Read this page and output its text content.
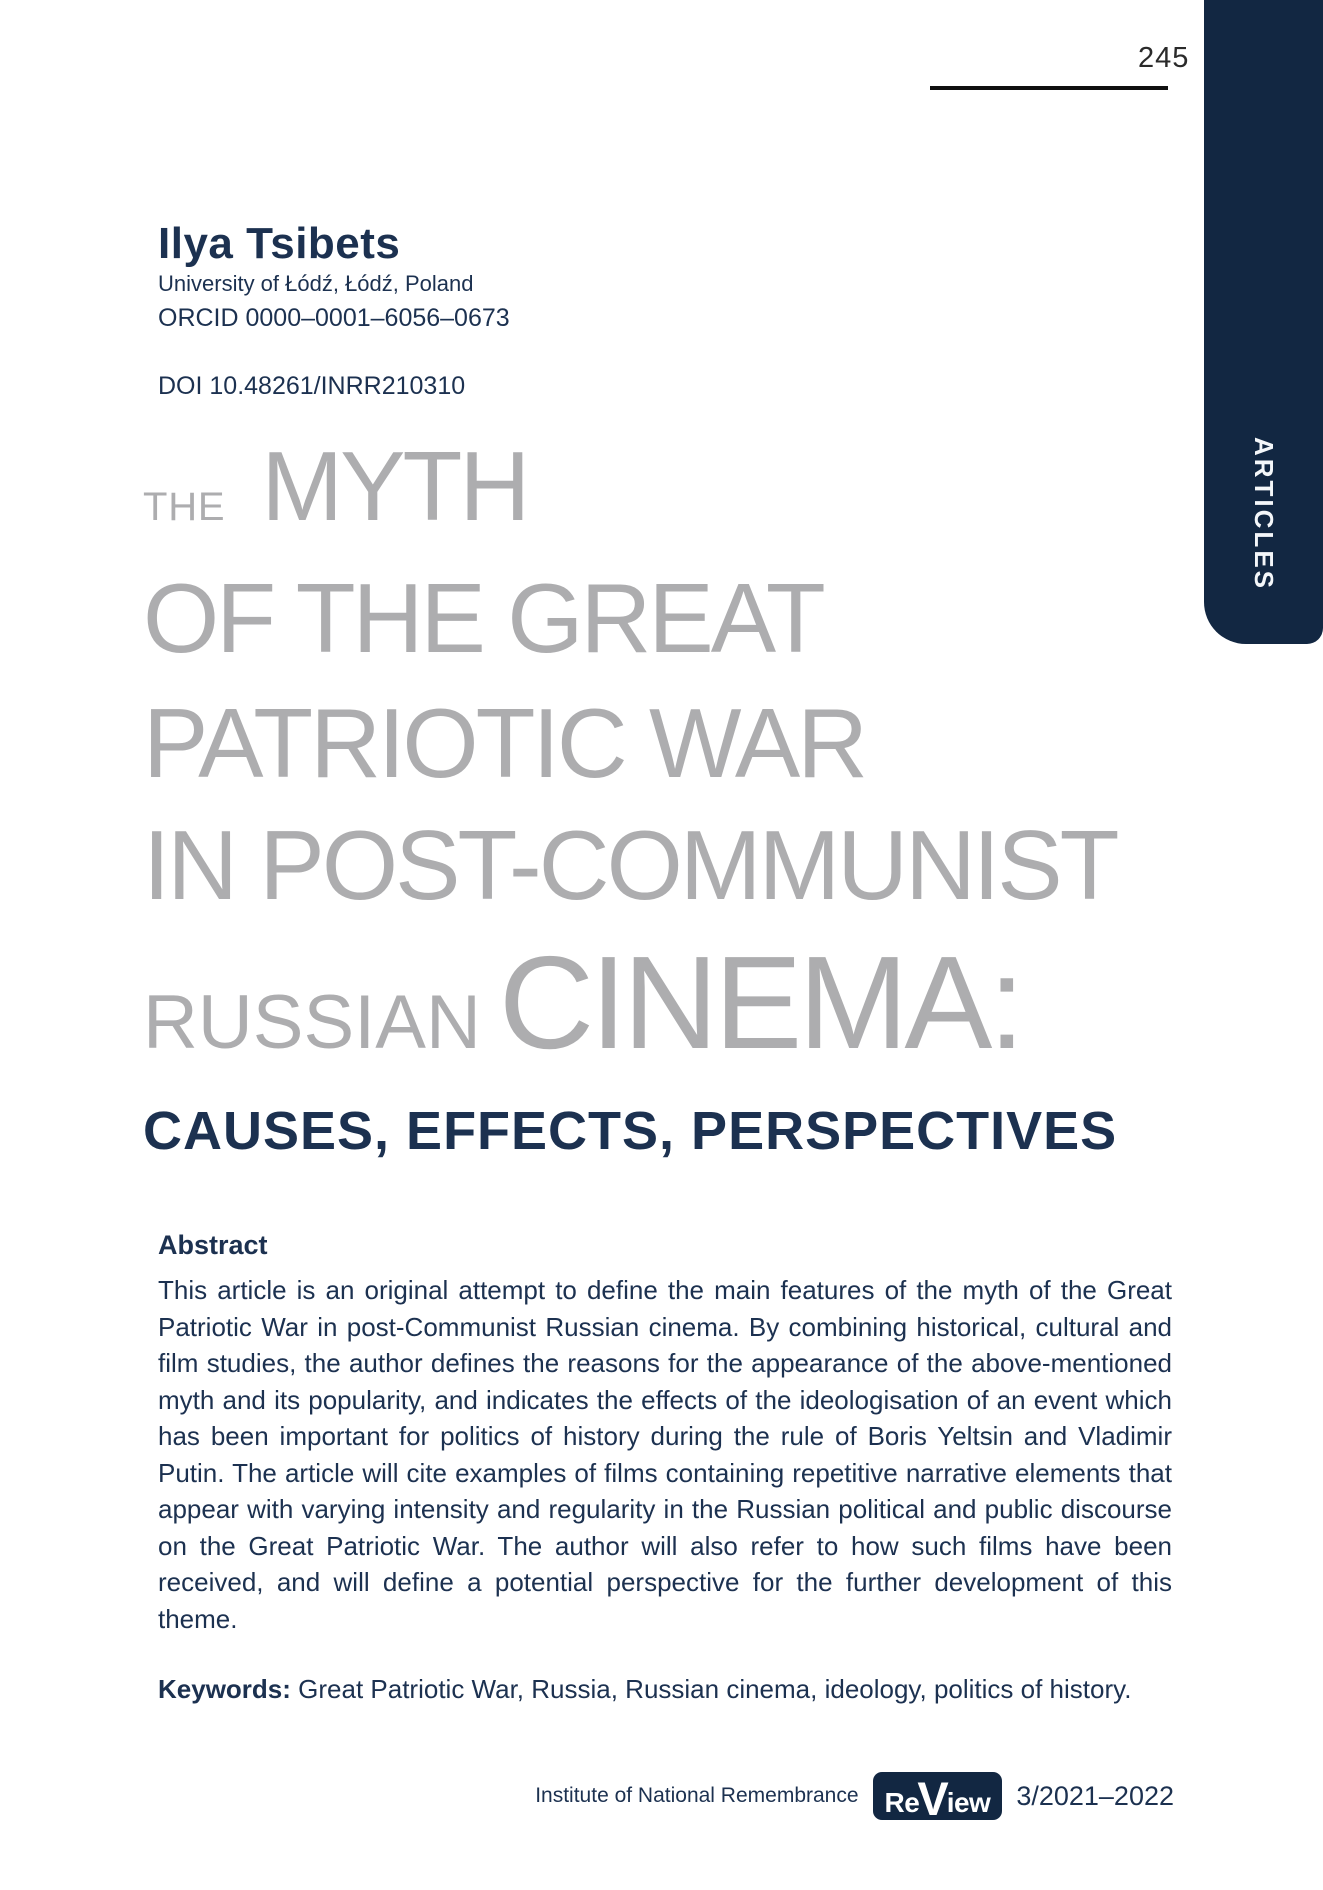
245
ARTICLES
Ilya Tsibets
University of Łódź, Łódź, Poland
ORCID 0000–0001–6056–0673
DOI 10.48261/INRR210310
THE MYTH
OF THE GREAT
PATRIOTIC WAR
IN POST-COMMUNIST
RUSSIAN CINEMA:
CAUSES, EFFECTS, PERSPECTIVES
Abstract
This article is an original attempt to define the main features of the myth of the Great Patriotic War in post-Communist Russian cinema. By combining historical, cultural and film studies, the author defines the reasons for the appearance of the above-mentioned myth and its popularity, and indicates the effects of the ideologisation of an event which has been important for politics of history during the rule of Boris Yeltsin and Vladimir Putin. The article will cite examples of films containing repetitive narrative elements that appear with varying intensity and regularity in the Russian political and public discourse on the Great Patriotic War. The author will also refer to how such films have been received, and will define a potential perspective for the further development of this theme.
Keywords: Great Patriotic War, Russia, Russian cinema, ideology, politics of history.
Institute of National Remembrance Re
V
iew 3/2021–2022
